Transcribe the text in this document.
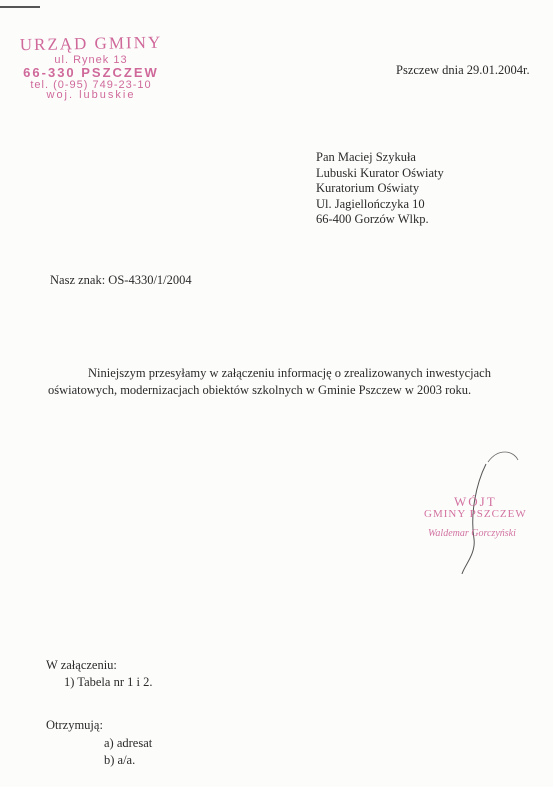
URZĄD GMINY
ul. Rynek 13
66-330 PSZCZEW
tel. (0-95) 749-23-10
woj. lubuskie
Pszczew dnia 29.01.2004r.
Pan Maciej Szykuła
Lubuski Kurator Oświaty
Kuratorium Oświaty
Ul. Jagiellończyka 10
66-400 Gorzów Wlkp.
Nasz znak: OS-4330/1/2004
Niniejszym przesyłamy w załączeniu informację o zrealizowanych inwestycjach
oświatowych, modernizacjach obiektów szkolnych w Gminie Pszczew w 2003 roku.
WÓJT
GMINY PSZCZEW
Waldemar Gorczyński
W załączeniu:
1) Tabela nr 1 i 2.
Otrzymują:
a) adresat
b) a/a.
